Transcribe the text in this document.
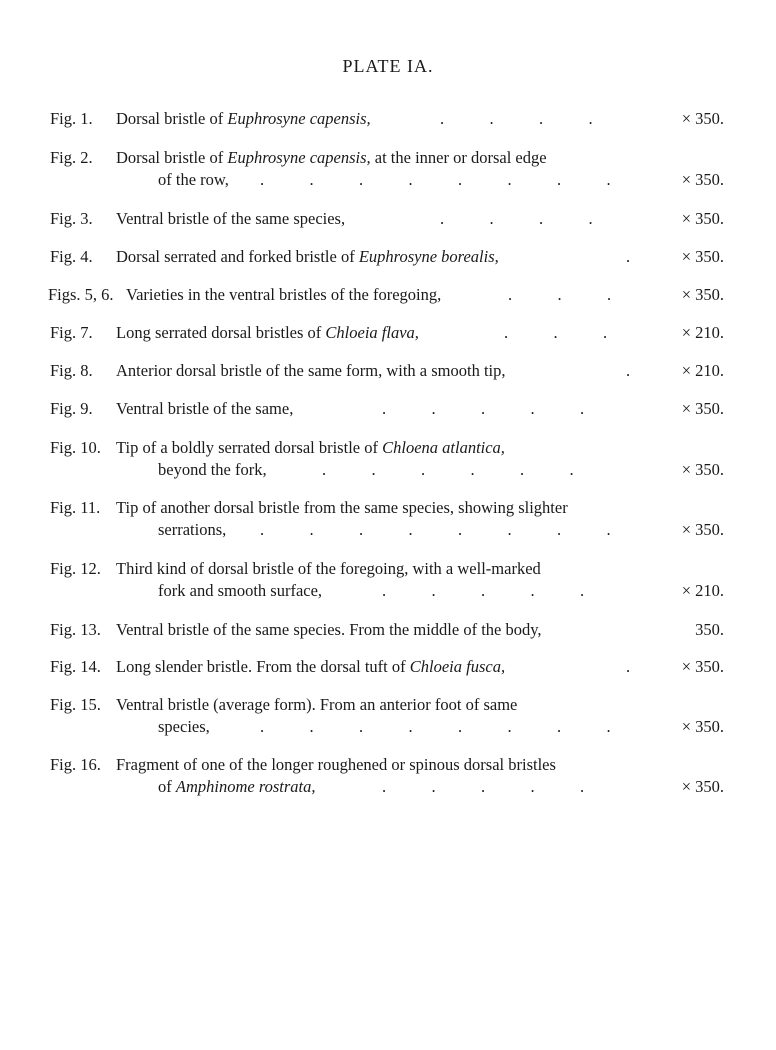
PLATE IA.
Fig. 1. Dorsal bristle of Euphrosyne capensis,	.           .           .           .	× 350.
Fig. 2. Dorsal bristle of Euphrosyne capensis, at the inner or dorsal edge
of the row, .           .           .           .           .           .           .           .	× 350.
Fig. 3. Ventral bristle of the same species,	.           .           .           .	× 350.
Fig. 4. Dorsal serrated and forked bristle of Euphrosyne borealis,	.	× 350.
Figs. 5, 6. Varieties in the ventral bristles of the foregoing,	.           .           .	× 350.
Fig. 7. Long serrated dorsal bristles of Chloeia flava,	.           .           .	× 210.
Fig. 8. Anterior dorsal bristle of the same form, with a smooth tip,	.	× 210.
Fig. 9. Ventral bristle of the same,	.           .           .           .           .	× 350.
Fig. 10. Tip of a boldly serrated dorsal bristle of Chloena atlantica,
beyond the fork,	.           .           .           .           .           .	× 350.
Fig. 11. Tip of another dorsal bristle from the same species, showing slighter
serrations, .           .           .           .           .           .           .           .	× 350.
Fig. 12. Third kind of dorsal bristle of the foregoing, with a well-marked
fork and smooth surface,	.           .           .           .           .	× 210.
Fig. 13. Ventral bristle of the same species. From the middle of the body,	350.
Fig. 14. Long slender bristle. From the dorsal tuft of Chloeia fusca,	.	× 350.
Fig. 15. Ventral bristle (average form). From an anterior foot of same
species,	.           .           .           .           .           .           .           .	× 350.
Fig. 16. Fragment of one of the longer roughened or spinous dorsal bristles
of Amphinome rostrata,	.           .           .           .           .	× 350.
